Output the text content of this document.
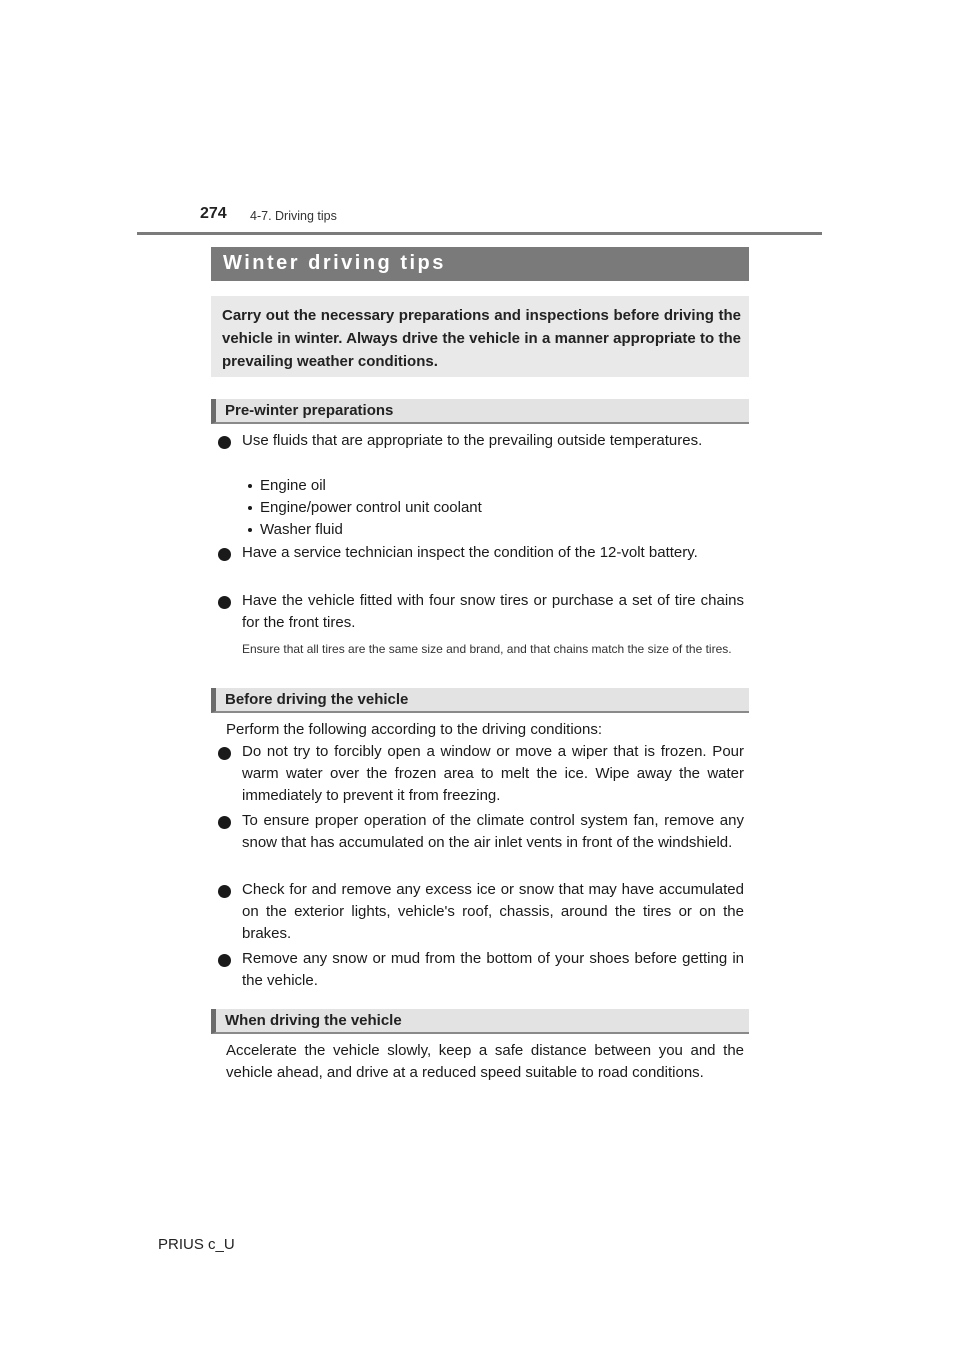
274 4-7. Driving tips
Winter driving tips
Carry out the necessary preparations and inspections before driving the vehicle in winter. Always drive the vehicle in a manner appropriate to the prevailing weather conditions.
Pre-winter preparations
Use fluids that are appropriate to the prevailing outside temperatures.
Engine oil
Engine/power control unit coolant
Washer fluid
Have a service technician inspect the condition of the 12-volt battery.
Have the vehicle fitted with four snow tires or purchase a set of tire chains for the front tires.
Ensure that all tires are the same size and brand, and that chains match the size of the tires.
Before driving the vehicle
Perform the following according to the driving conditions:
Do not try to forcibly open a window or move a wiper that is frozen. Pour warm water over the frozen area to melt the ice. Wipe away the water immediately to prevent it from freezing.
To ensure proper operation of the climate control system fan, remove any snow that has accumulated on the air inlet vents in front of the windshield.
Check for and remove any excess ice or snow that may have accumulated on the exterior lights, vehicle's roof, chassis, around the tires or on the brakes.
Remove any snow or mud from the bottom of your shoes before getting in the vehicle.
When driving the vehicle
Accelerate the vehicle slowly, keep a safe distance between you and the vehicle ahead, and drive at a reduced speed suitable to road conditions.
PRIUS c_U
